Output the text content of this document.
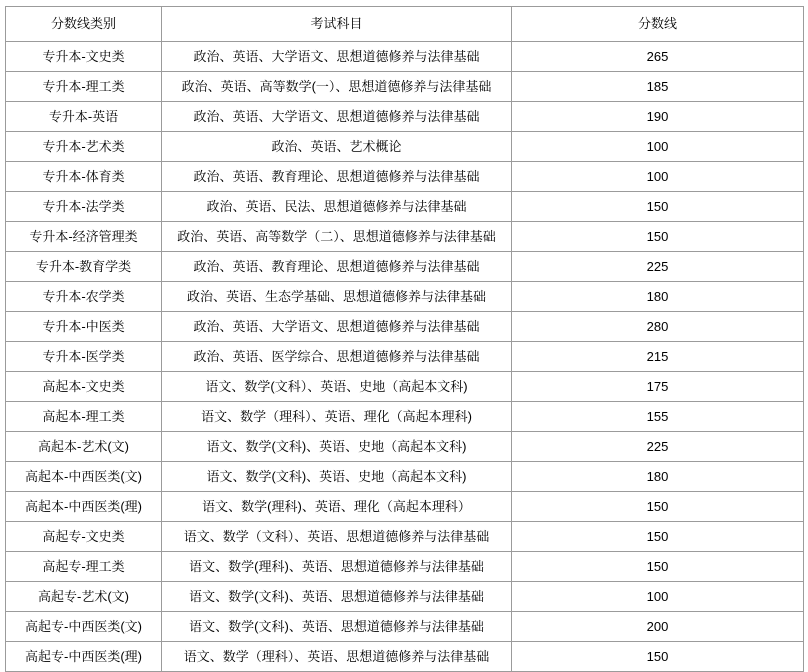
分数线类别	考试科目	分数线
专升本-文史类	政治、英语、大学语文、思想道德修养与法律基础	265
专升本-理工类	政治、英语、高等数学(一）、思想道德修养与法律基础	185
专升本-英语	政治、英语、大学语文、思想道德修养与法律基础	190
专升本-艺术类	政治、英语、艺术概论	100
专升本-体育类	政治、英语、教育理论、思想道德修养与法律基础	100
专升本-法学类	政治、英语、民法、思想道德修养与法律基础	150
专升本-经济管理类	政治、英语、高等数学（二）、思想道德修养与法律基础	150
专升本-教育学类	政治、英语、教育理论、思想道德修养与法律基础	225
专升本-农学类	政治、英语、生态学基础、思想道德修养与法律基础	180
专升本-中医类	政治、英语、大学语文、思想道德修养与法律基础	280
专升本-医学类	政治、英语、医学综合、思想道德修养与法律基础	215
高起本-文史类	语文、数学(文科）、英语、史地（高起本文科)	175
高起本-理工类	语文、数学（理科）、英语、理化（高起本理科)	155
高起本-艺术(文)	语文、数学(文科)、英语、史地（高起本文科)	225
高起本-中西医类(文)	语文、数学(文科)、英语、史地（高起本文科)	180
高起本-中西医类(理)	语文、数学(理科)、英语、理化（高起本理科）	150
高起专-文史类	语文、数学（文科）、英语、思想道德修养与法律基础	150
高起专-理工类	语文、数学(理科)、英语、思想道德修养与法律基础	150
高起专-艺术(文)	语文、数学(文科)、英语、思想道德修养与法律基础	100
高起专-中西医类(文)	语文、数学(文科)、英语、思想道德修养与法律基础	200
高起专-中西医类(理)	语文、数学（理科）、英语、思想道德修养与法律基础	150
